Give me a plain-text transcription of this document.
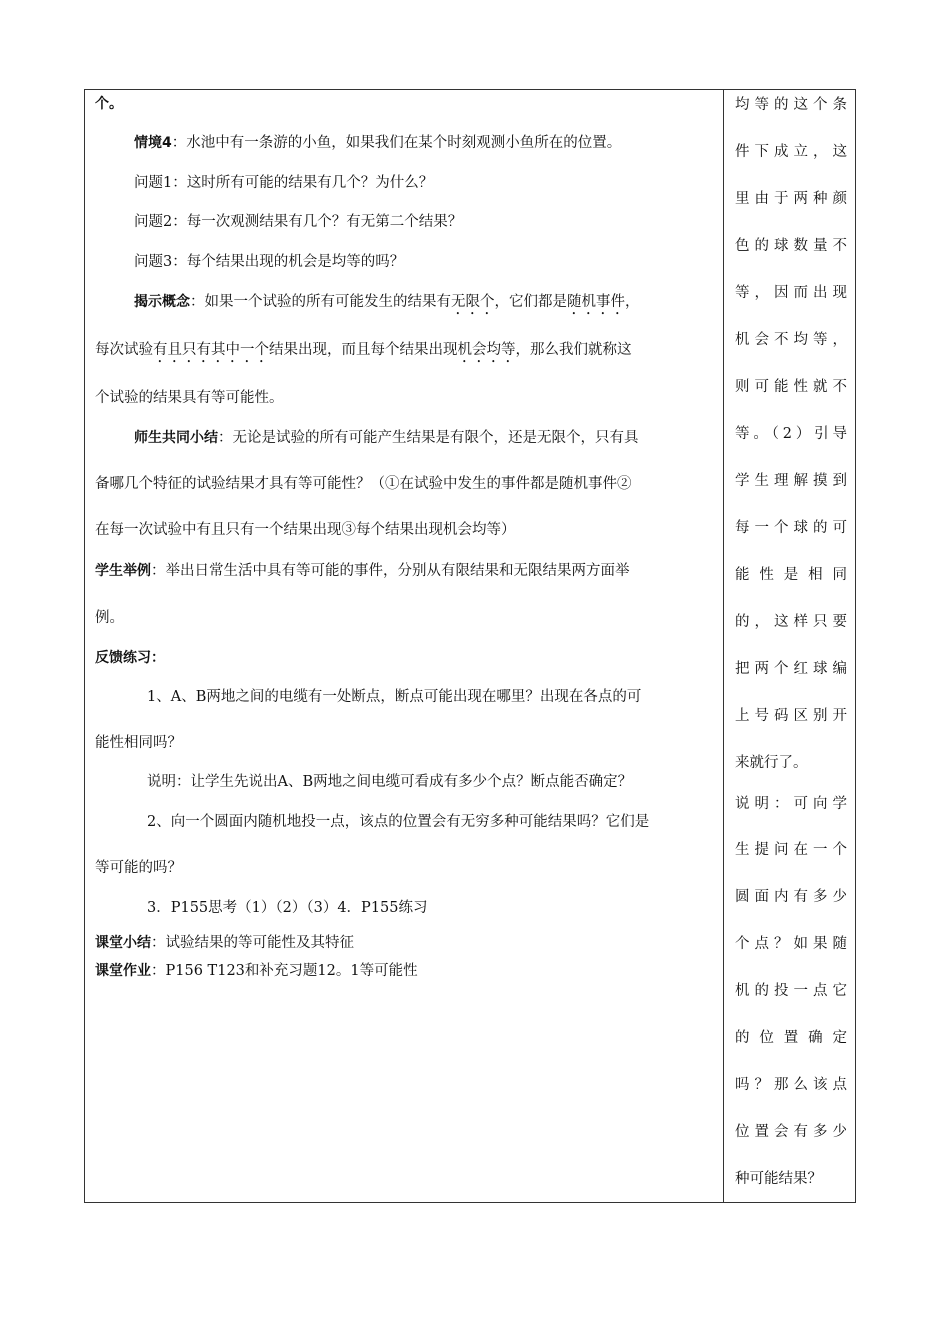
个。
情境4：水池中有一条游的小鱼，如果我们在某个时刻观测小鱼所在的位置。
问题1：这时所有可能的结果有几个？为什么？
问题2：每一次观测结果有几个？有无第二个结果？
问题3：每个结果出现的机会是均等的吗？
揭示概念：如果一个试验的所有可能发生的结果有无限个，它们都是随机事件，
每次试验有且只有其中一个结果出现，而且每个结果出现机会均等，那么我们就称这
个试验的结果具有等可能性。
师生共同小结：无论是试验的所有可能产生结果是有限个，还是无限个，只有具
备哪几个特征的试验结果才具有等可能性？（①在试验中发生的事件都是随机事件②
在每一次试验中有且只有一个结果出现③每个结果出现机会均等）
学生举例：举出日常生活中具有等可能的事件，分别从有限结果和无限结果两方面举
例。
反馈练习：
1、A、B两地之间的电缆有一处断点，断点可能出现在哪里？出现在各点的可
能性相同吗？
说明：让学生先说出A、B两地之间电缆可看成有多少个点？断点能否确定？
2、向一个圆面内随机地投一点，该点的位置会有无穷多种可能结果吗？它们是
等可能的吗？
3．P155思考（1）（2）（3）4．P155练习
课堂小结：试验结果的等可能性及其特征
课堂作业：P156 T123和补充习题12。1等可能性
均等的这个条
件下成立，这
里由于两种颜
色的球数量不
等，因而出现
机会不均等，
则可能性就不
等。（2）引导
学生理解摸到
每一个球的可
能性是相同
的，这样只要
把两个红球编
上号码区别开
来就行了。
说明：可向学
生提问在一个
圆面内有多少
个点？如果随
机的投一点它
的位置确定
吗？那么该点
位置会有多少
种可能结果？
